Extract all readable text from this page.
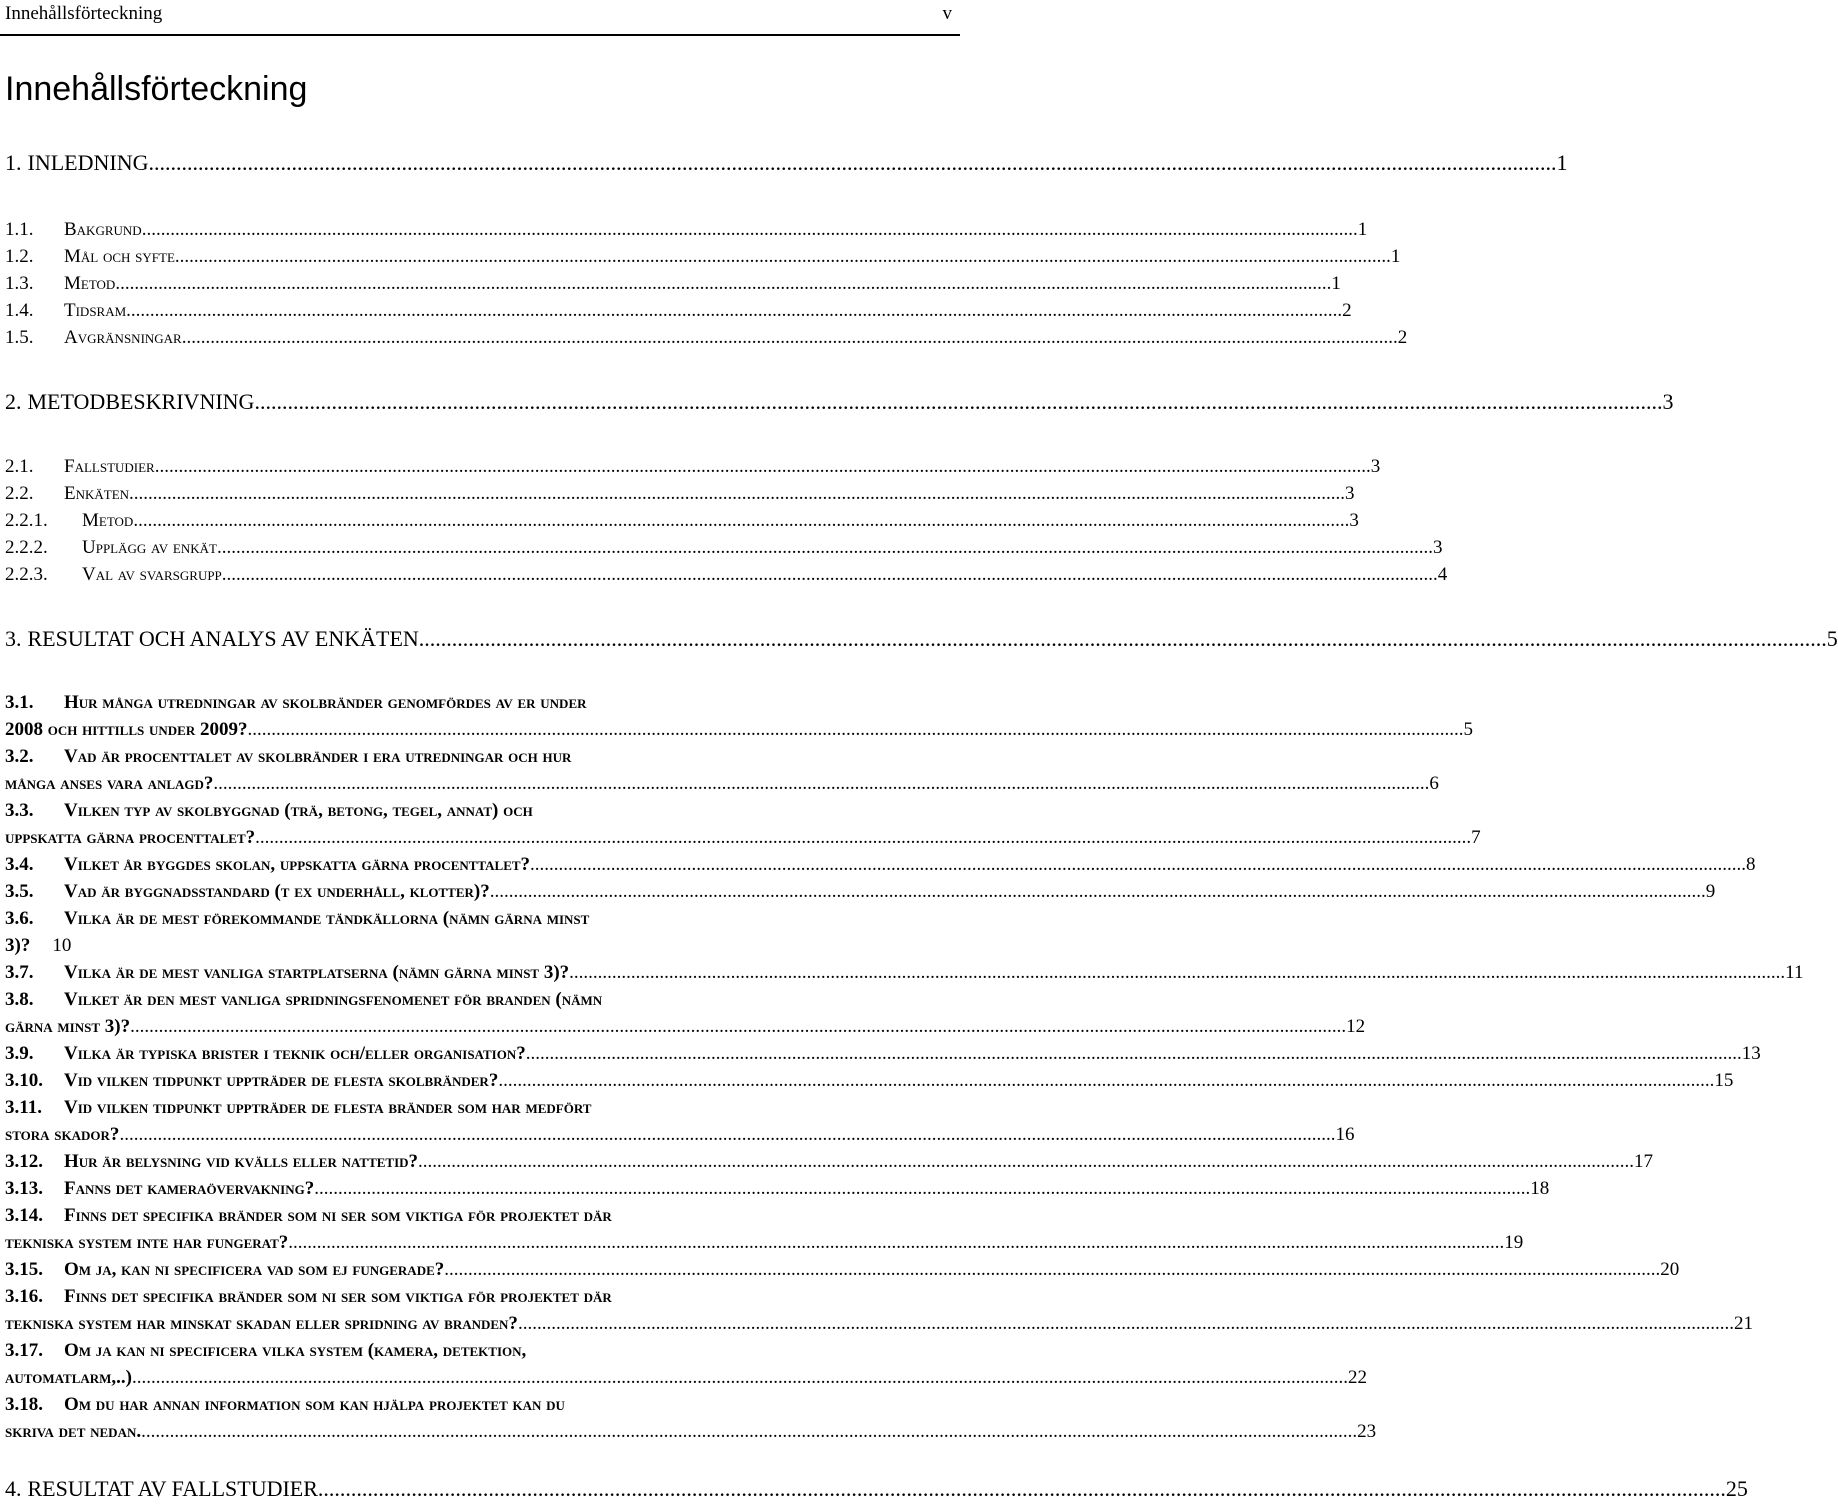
Innehållsförteckning	v
Innehållsförteckning
1. INLEDNING .....	1
1.1.	Bakgrund .....	1
1.2.	Mål och syfte .....	1
1.3.	Metod .....	1
1.4.	Tidsram .....	2
1.5.	Avgränsningar .....	2
2. METODBESKRIVNING .....	3
2.1.	Fallstudier .....	3
2.2.	Enkäten .....	3
2.2.1.	Metod .....	3
2.2.2.	Upplägg av enkät .....	3
2.2.3.	Val av svarsgrupp .....	4
3. RESULTAT OCH ANALYS AV ENKÄTEN .....	5
3.1.	Hur många utredningar av skolbränder genomfördes av er under
2008 och hittills under 2009? .....	5
3.2.	Vad är procenttalet av skolbränder i era utredningar och hur
många anses vara anlagd? .....	6
3.3.	Vilken typ av skolbyggnad (trä, betong, tegel, annat) och
uppskatta gärna procenttalet? .....	7
3.4.	Vilket år byggdes skolan, uppskatta gärna procenttalet? .....	8
3.5.	Vad är byggnadsstandard (t ex underhåll, klotter)? .....	9
3.6.	Vilka är de mest förekommande tändkällorna (nämn gärna minst
3)? 10
3.7.	Vilka är de mest vanliga startplatserna (nämn gärna minst 3)? .....	11
3.8.	Vilket är den mest vanliga spridningsfenomenet för branden (nämn
gärna minst 3)? .....	12
3.9.	Vilka är typiska brister i teknik och/eller organisation? .....	13
3.10.	Vid vilken tidpunkt uppträder de flesta skolbränder? .....	15
3.11.	Vid vilken tidpunkt uppträder de flesta bränder som har medfört
stora skador? .....	16
3.12.	Hur är belysning vid kvälls eller nattetid? .....	17
3.13.	Fanns det kameraövervakning? .....	18
3.14.	Finns det specifika bränder som ni ser som viktiga för projektet där
tekniska system inte har fungerat? .....	19
3.15.	Om ja, kan ni specificera vad som ej fungerade? .....	20
3.16.	Finns det specifika bränder som ni ser som viktiga för projektet där
tekniska system har minskat skadan eller spridning av branden? .....	21
3.17.	Om ja kan ni specificera vilka system (kamera, detektion,
automatlarm,..) .....	22
3.18.	Om du har annan information som kan hjälpa projektet kan du
skriva det nedan. .....	23
4. RESULTAT AV FALLSTUDIER .....	25
